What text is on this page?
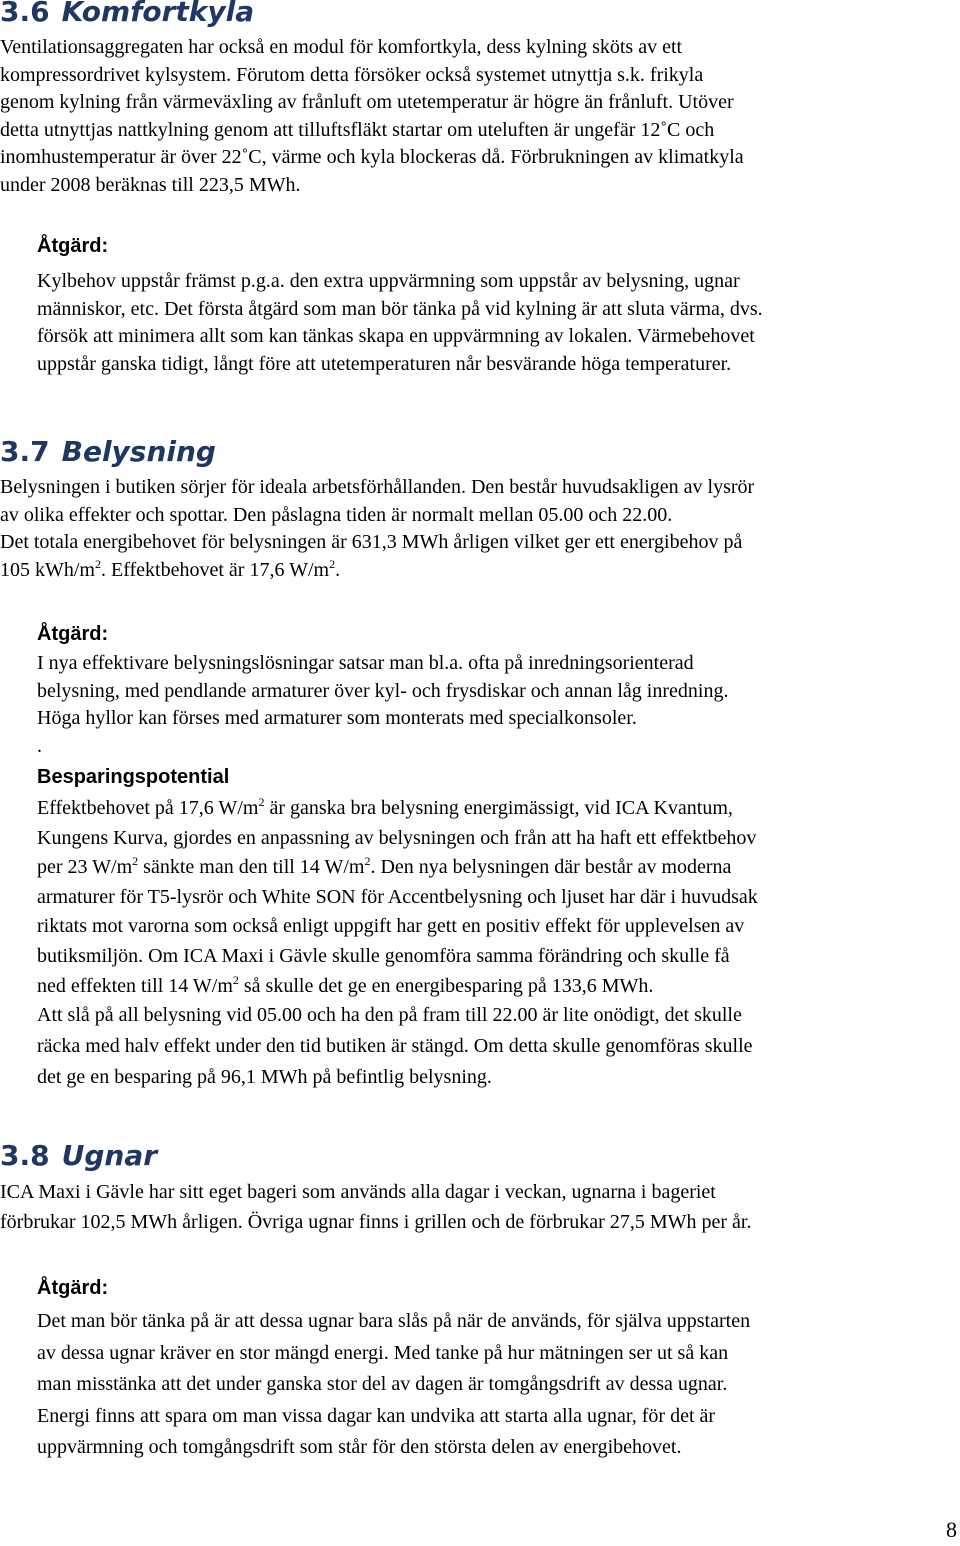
3.6 Komfortkyla

Ventilationsaggregaten har också en modul för komfortkyla, dess kylning sköts av ett

kompressordrivet kylsystem. Förutom detta försöker också systemet utnyttja s.k. frikyla

genom kylning från värmeväxling av frånluft om utetemperatur är högre än frånluft. Utöver

detta utnyttjas nattkylning genom att tilluftsfläkt startar om uteluften är ungefär 12˚C och

inomhustemperatur är över 22˚C, värme och kyla blockeras då. Förbrukningen av klimatkyla

under 2008 beräknas till 223,5 MWh.

Åtgärd:

Kylbehov uppstår främst p.g.a. den extra uppvärmning som uppstår av belysning, ugnar

människor, etc. Det första åtgärd som man bör tänka på vid kylning är att sluta värma, dvs.

försök att minimera allt som kan tänkas skapa en uppvärmning av lokalen. Värmebehovet

uppstår ganska tidigt, långt före att utetemperaturen når besvärande höga temperaturer.

3.7 Belysning

Belysningen i butiken sörjer för ideala arbetsförhållanden. Den består huvudsakligen av lysrör

av olika effekter och spottar. Den påslagna tiden är normalt mellan 05.00 och 22.00.

Det totala energibehovet för belysningen är 631,3 MWh årligen vilket ger ett energibehov på

105 kWh/$m^2$. Effektbehovet är 17,6 $W/m^2$.

Åtgärd:

I nya effektivare belysningslösningar satsar man bl.a. ofta på inredningsorienterad

belysning, med pendlande armaturer över kyl- och frysdiskar och annan låg inredning.

Höga hyllor kan förses med armaturer som monterats med specialkonsoler.

.

Besparingspotential

Effektbehovet på 17,6 $W/m^2$ är ganska bra belysning energimässigt, vid ICA Kvantum,

Kungens Kurva, gjordes en anpassning av belysningen och från att ha haft ett effektbehov

per 23 $W/m^2$ sänkte man den till 14 $W/m^2$. Den nya belysningen där består av moderna

armaturer för T5-lysrör och White SON för Accentbelysning och ljuset har där i huvudsak

riktats mot varorna som också enligt uppgift har gett en positiv effekt för upplevelsen av

butiksmiljön. Om ICA Maxi i Gävle skulle genomföra samma förändring och skulle få

ned effekten till 14 $W/m^2$ så skulle det ge en energibesparing på 133,6 MWh.

Att slå på all belysning vid 05.00 och ha den på fram till 22.00 är lite onödigt, det skulle

räcka med halv effekt under den tid butiken är stängd. Om detta skulle genomföras skulle

det ge en besparing på 96,1 MWh på befintlig belysning.

3.8 Ugnar

ICA Maxi i Gävle har sitt eget bageri som används alla dagar i veckan, ugnarna i bageriet

förbrukar 102,5 MWh årligen. Övriga ugnar finns i grillen och de förbrukar 27,5 MWh per år.

Åtgärd:

Det man bör tänka på är att dessa ugnar bara slås på när de används, för själva uppstarten

av dessa ugnar kräver en stor mängd energi. Med tanke på hur mätningen ser ut så kan

man misstänka att det under ganska stor del av dagen är tomgångsdrift av dessa ugnar.

Energi finns att spara om man vissa dagar kan undvika att starta alla ugnar, för det är

uppvärmning och tomgångsdrift som står för den största delen av energibehovet.

8
